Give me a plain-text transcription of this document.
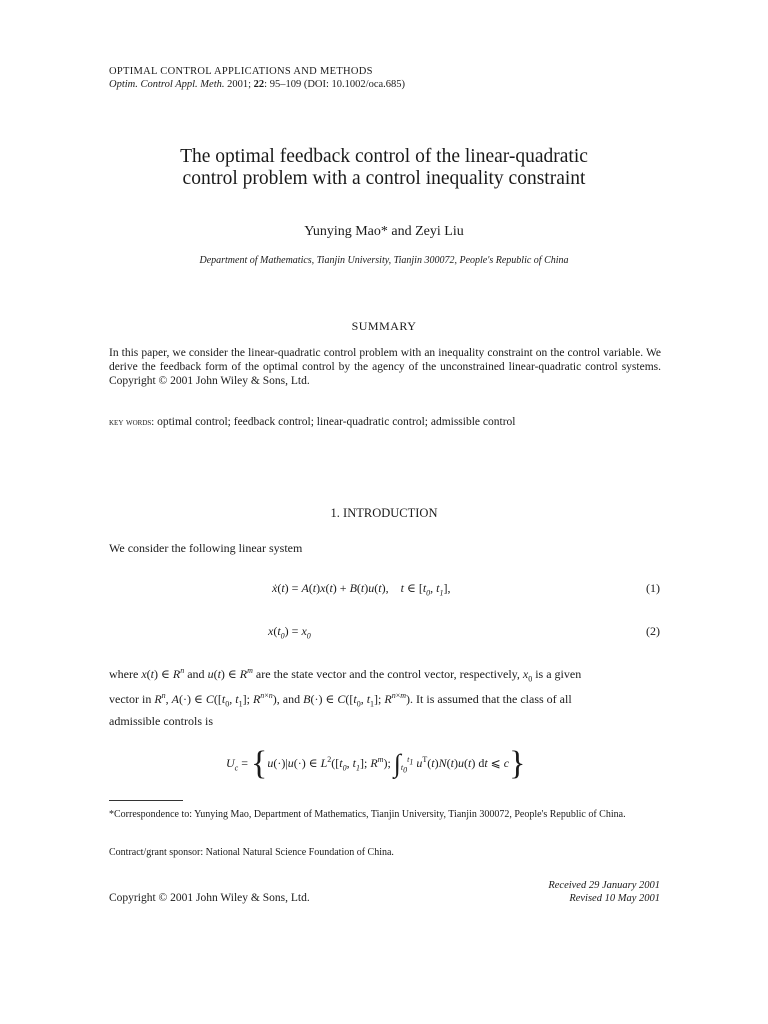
OPTIMAL CONTROL APPLICATIONS AND METHODS
Optim. Control Appl. Meth. 2001; 22: 95–109 (DOI: 10.1002/oca.685)
The optimal feedback control of the linear-quadratic
control problem with a control inequality constraint
Yunying Mao* and Zeyi Liu
Department of Mathematics, Tianjin University, Tianjin 300072, People's Republic of China
SUMMARY
In this paper, we consider the linear-quadratic control problem with an inequality constraint on the control variable. We derive the feedback form of the optimal control by the agency of the unconstrained linear-quadratic control systems. Copyright © 2001 John Wiley & Sons, Ltd.
key words: optimal control; feedback control; linear-quadratic control; admissible control
1. INTRODUCTION
We consider the following linear system
ẋ(t) = A(t)x(t) + B(t)u(t),    t ∈ [$t_0$, $t_1$],	(1)
$x(t_0) = x_0$	(2)
where x(t) ∈ $R^n$ and u(t) ∈ $R^m$ are the state vector and the control vector, respectively, $x_0$ is a given
vector in $R^n$, A(·) ∈ $C([t_0$, $t_1$]; $R^{n\times n}$), and B(·) ∈ $C([t_0$, $t_1$]; $R^{n\times m}$). It is assumed that the class of all
admissible controls is
$U_c = \{u(\cdot)|u(\cdot)$ ∈ $L^2([t_0$, $t_1$]; $R^m$); $\int_{t_0}^{t_1}$ $u^T(t)N(t)u(t)$ dt ⩽ c}
*Correspondence to: Yunying Mao, Department of Mathematics, Tianjin University, Tianjin 300072, People's Republic of China.
Contract/grant sponsor: National Natural Science Foundation of China.
Copyright © 2001 John Wiley & Sons, Ltd.
Received 29 January 2001
Revised 10 May 2001
